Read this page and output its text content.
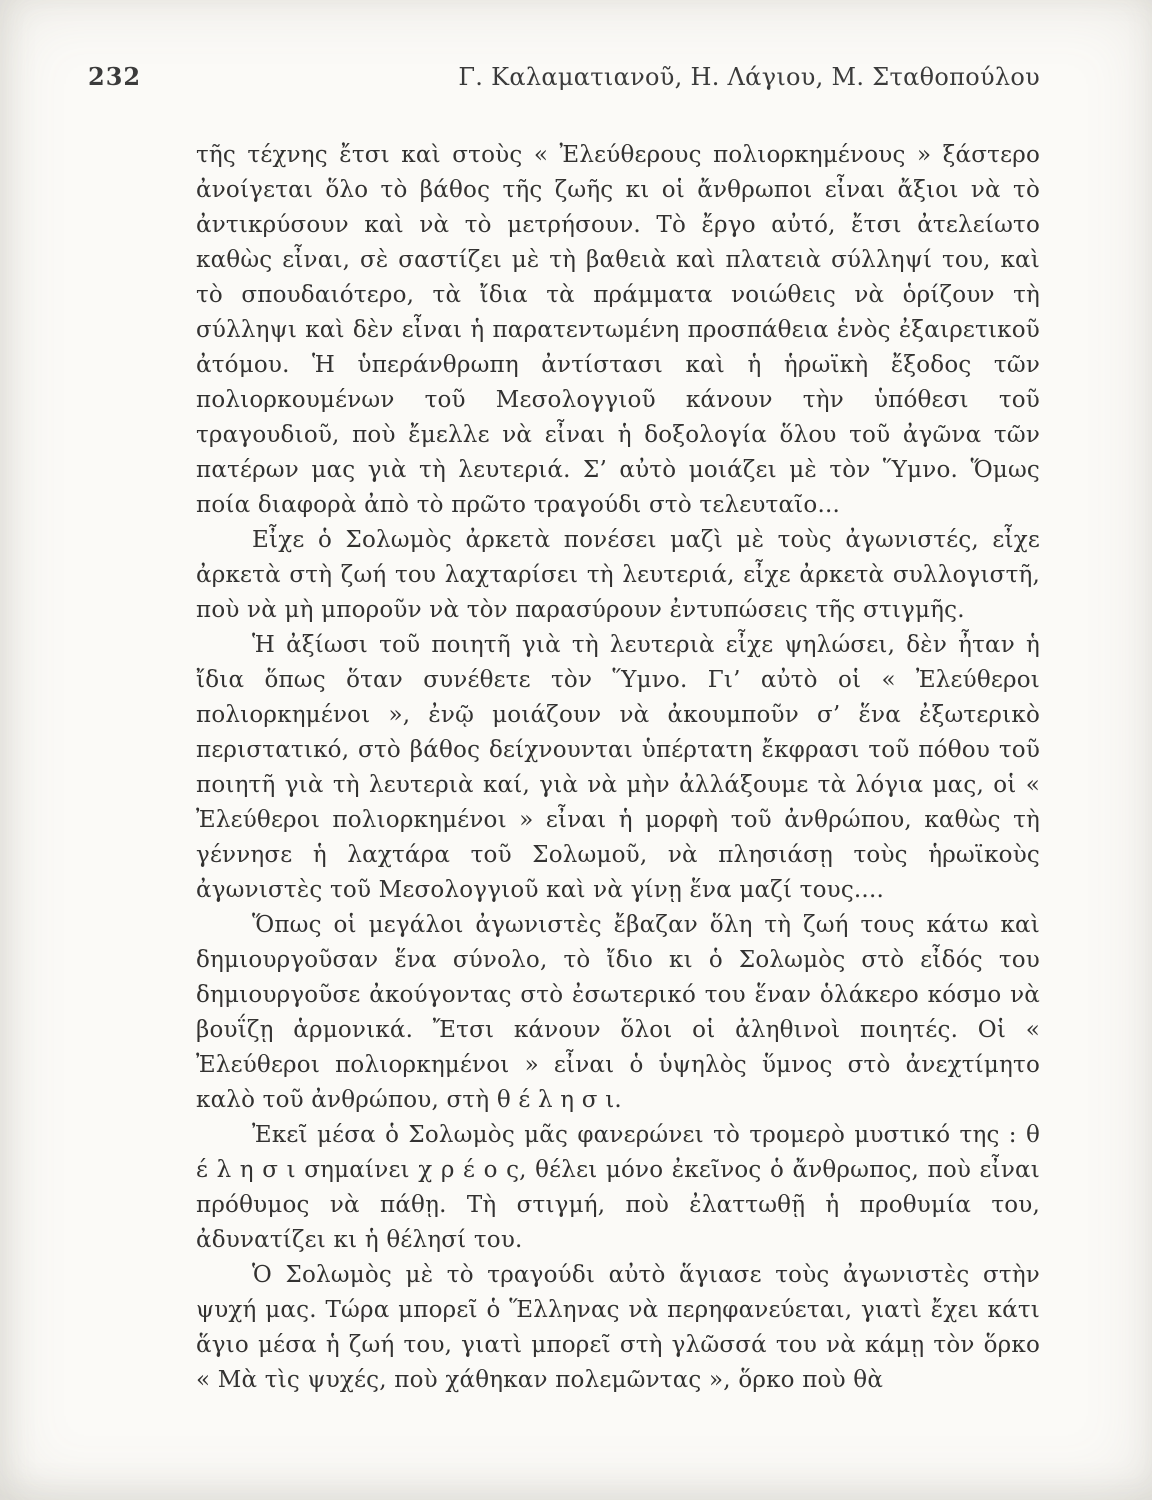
232	Γ. Καλαματιανοῦ, Η. Λάγιου, Μ. Σταθοπούλου

τῆς τέχνης ἔτσι καὶ στοὺς « Ἐλεύθερους πολιορκημένους » ξάστερο ἀνοίγεται ὅλο τὸ βάθος τῆς ζωῆς κι οἱ ἄνθρωποι εἶναι ἄξιοι νὰ τὸ ἀντικρύσουν καὶ νὰ τὸ μετρήσουν. Τὸ ἔργο αὐτό, ἔτσι ἀτελείωτο καθὼς εἶναι, σὲ σαστίζει μὲ τὴ βαθειὰ καὶ πλατειὰ σύλληψί του, καὶ τὸ σπουδαιότερο, τὰ ἴδια τὰ πράμματα νοιώθεις νὰ ὁρίζουν τὴ σύλληψι καὶ δὲν εἶναι ἡ παρατεντωμένη προσπάθεια ἑνὸς ἐξαιρετικοῦ ἀτόμου. Ἡ ὑπεράνθρωπη ἀντίστασι καὶ ἡ ἡρωϊκὴ ἔξοδος τῶν πολιορκουμένων τοῦ Μεσολογγιοῦ κάνουν τὴν ὑπόθεσι τοῦ τραγουδιοῦ, ποὺ ἔμελλε νὰ εἶναι ἡ δοξολογία ὅλου τοῦ ἀγῶνα τῶν πατέρων μας γιὰ τὴ λευτεριά. Σ’ αὐτὸ μοιάζει μὲ τὸν Ὕμνο. Ὅμως ποία διαφορὰ ἀπὸ τὸ πρῶτο τραγούδι στὸ τελευταῖο...

Εἶχε ὁ Σολωμὸς ἀρκετὰ πονέσει μαζὶ μὲ τοὺς ἀγωνιστές, εἶχε ἀρκετὰ στὴ ζωή του λαχταρίσει τὴ λευτεριά, εἶχε ἀρκετὰ συλλογιστῆ, ποὺ νὰ μὴ μποροῦν νὰ τὸν παρασύρουν ἐντυπώσεις τῆς στιγμῆς.

Ἡ ἀξίωσι τοῦ ποιητῆ γιὰ τὴ λευτεριὰ εἶχε ψηλώσει, δὲν ἦταν ἡ ἴδια ὅπως ὅταν συνέθετε τὸν Ὕμνο. Γι’ αὐτὸ οἱ « Ἐλεύθεροι πολιορκημένοι », ἐνῷ μοιάζουν νὰ ἀκουμποῦν σ’ ἕνα ἐξωτερικὸ περιστατικό, στὸ βάθος δείχνουνται ὑπέρτατη ἔκφρασι τοῦ πόθου τοῦ ποιητῆ γιὰ τὴ λευτεριὰ καί, γιὰ νὰ μὴν ἀλλάξουμε τὰ λόγια μας, οἱ « Ἐλεύθεροι πολιορκημένοι » εἶναι ἡ μορφὴ τοῦ ἀνθρώπου, καθὼς τὴ γέννησε ἡ λαχτάρα τοῦ Σολωμοῦ, νὰ πλησιάσῃ τοὺς ἡρωϊκοὺς ἀγωνιστὲς τοῦ Μεσολογγιοῦ καὶ νὰ γίνῃ ἕνα μαζί τους....

Ὅπως οἱ μεγάλοι ἀγωνιστὲς ἔβαζαν ὅλη τὴ ζωή τους κάτω καὶ δημιουργοῦσαν ἕνα σύνολο, τὸ ἴδιο κι ὁ Σολωμὸς στὸ εἶδός του δημιουργοῦσε ἀκούγοντας στὸ ἐσωτερικό του ἕναν ὁλάκερο κόσμο νὰ βουΐζῃ ἁρμονικά. Ἔτσι κάνουν ὅλοι οἱ ἀληθινοὶ ποιητές. Οἱ « Ἐλεύθεροι πολιορκημένοι » εἶναι ὁ ὑψηλὸς ὕμνος στὸ ἀνεχτίμητο καλὸ τοῦ ἀνθρώπου, στὴ θ έ λ η σ ι.

Ἐκεῖ μέσα ὁ Σολωμὸς μᾶς φανερώνει τὸ τρομερὸ μυστικό της : θ έ λ η σ ι σημαίνει χ ρ έ ο ς, θέλει μόνο ἐκεῖνος ὁ ἄνθρωπος, ποὺ εἶναι πρόθυμος νὰ πάθῃ. Τὴ στιγμή, ποὺ ἐλαττωθῇ ἡ προθυμία του, ἀδυνατίζει κι ἡ θέλησί του.

Ὁ Σολωμὸς μὲ τὸ τραγούδι αὐτὸ ἅγιασε τοὺς ἀγωνιστὲς στὴν ψυχή μας. Τώρα μπορεῖ ὁ Ἕλληνας νὰ περηφανεύεται, γιατὶ ἔχει κάτι ἅγιο μέσα ἡ ζωή του, γιατὶ μπορεῖ στὴ γλῶσσά του νὰ κάμῃ τὸν ὅρκο « Μὰ τὶς ψυχές, ποὺ χάθηκαν πολεμῶντας », ὅρκο ποὺ θὰ
